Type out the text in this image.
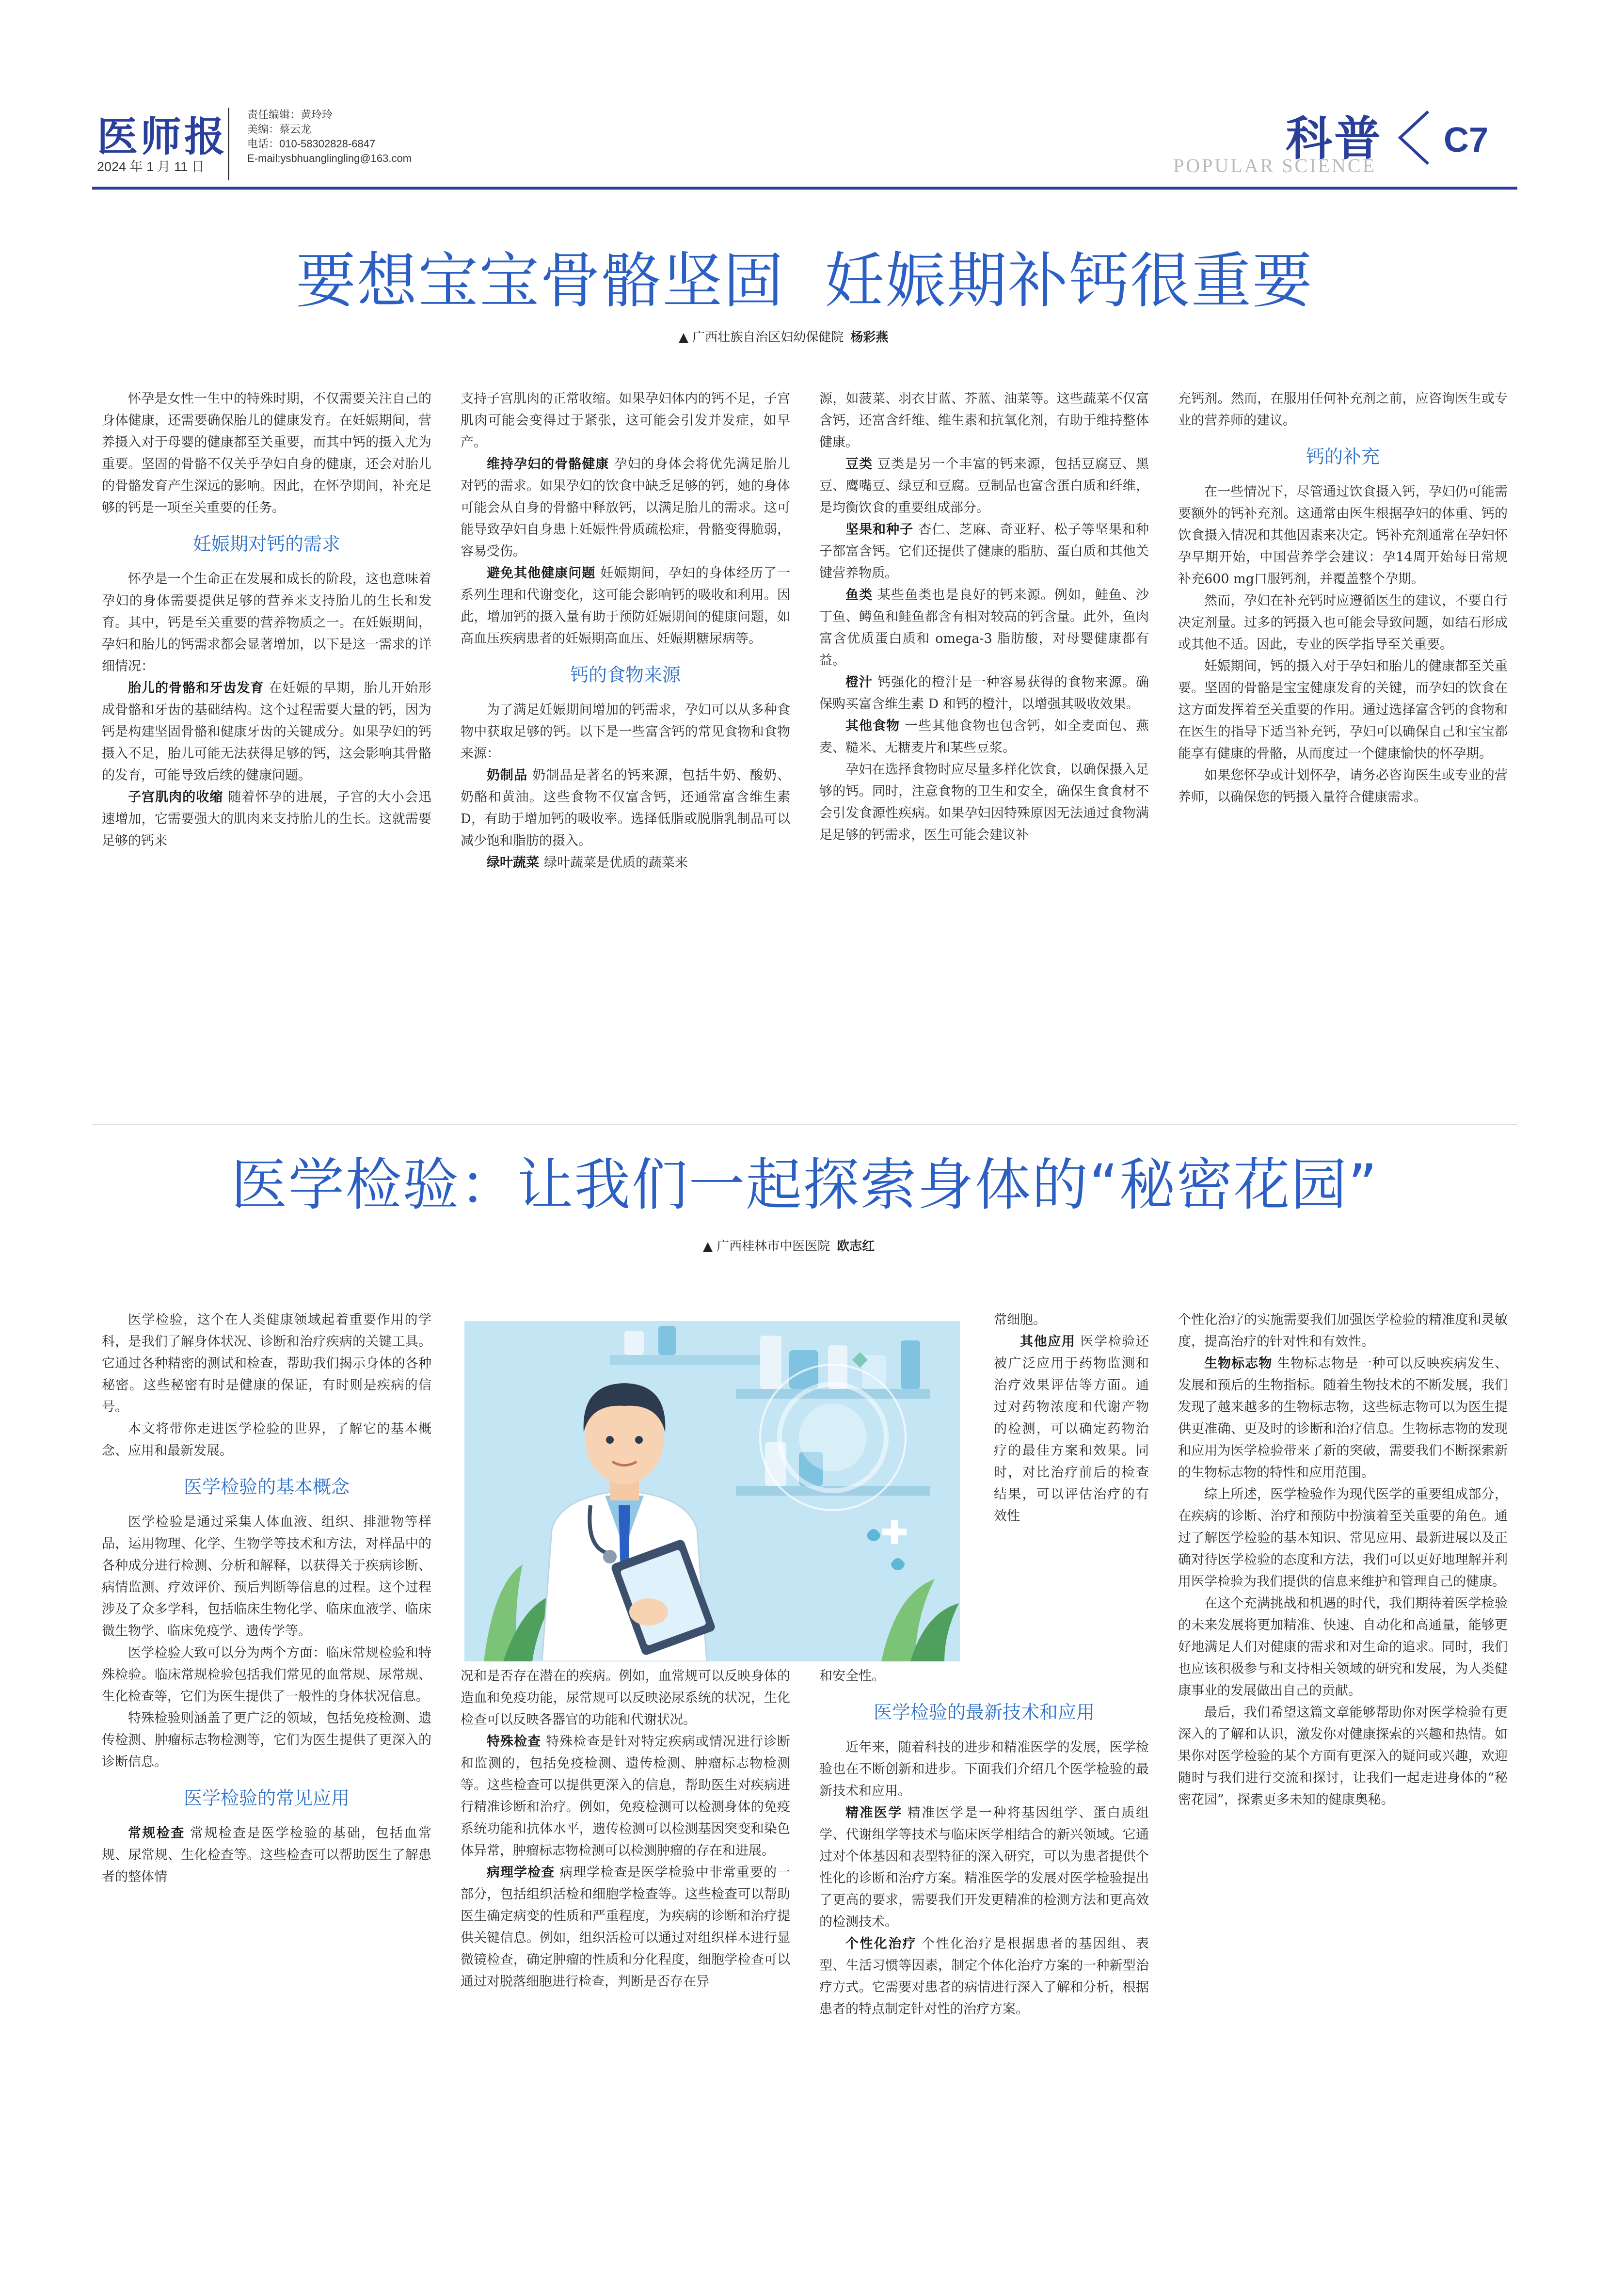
医师报
2024 年 1 月 11 日
责任编辑：黄玲玲
美编：蔡云龙
电话：010-58302828-6847
E-mail:ysbhuanglingling@163.com	科普
POPULAR SCIENCE
C7
要想宝宝骨骼坚固  妊娠期补钙很重要
▲ 广西壮族自治区妇幼保健院 杨彩燕

怀孕是女性一生中的特殊时期，不仅需要关注自己的身体健康，还需要确保胎儿的健康发育。在妊娠期间，营养摄入对于母婴的健康都至关重要，而其中钙的摄入尤为重要。坚固的骨骼不仅关乎孕妇自身的健康，还会对胎儿的骨骼发育产生深远的影响。因此，在怀孕期间，补充足够的钙是一项至关重要的任务。

妊娠期对钙的需求

怀孕是一个生命正在发展和成长的阶段，这也意味着孕妇的身体需要提供足够的营养来支持胎儿的生长和发育。其中，钙是至关重要的营养物质之一。在妊娠期间，孕妇和胎儿的钙需求都会显著增加，以下是这一需求的详细情况：

胎儿的骨骼和牙齿发育 在妊娠的早期，胎儿开始形成骨骼和牙齿的基础结构。这个过程需要大量的钙，因为钙是构建坚固骨骼和健康牙齿的关键成分。如果孕妇的钙摄入不足，胎儿可能无法获得足够的钙，这会影响其骨骼的发育，可能导致后续的健康问题。

子宫肌肉的收缩 随着怀孕的进展，子宫的大小会迅速增加，它需要强大的肌肉来支持胎儿的生长。这就需要足够的钙来

支持子宫肌肉的正常收缩。如果孕妇体内的钙不足，子宫肌肉可能会变得过于紧张，这可能会引发并发症，如早产。

维持孕妇的骨骼健康 孕妇的身体会将优先满足胎儿对钙的需求。如果孕妇的饮食中缺乏足够的钙，她的身体可能会从自身的骨骼中释放钙，以满足胎儿的需求。这可能导致孕妇自身患上妊娠性骨质疏松症，骨骼变得脆弱，容易受伤。

避免其他健康问题 妊娠期间，孕妇的身体经历了一系列生理和代谢变化，这可能会影响钙的吸收和利用。因此，增加钙的摄入量有助于预防妊娠期间的健康问题，如高血压疾病患者的妊娠期高血压、妊娠期糖尿病等。

钙的食物来源

为了满足妊娠期间增加的钙需求，孕妇可以从多种食物中获取足够的钙。以下是一些富含钙的常见食物和食物来源：

奶制品 奶制品是著名的钙来源，包括牛奶、酸奶、奶酪和黄油。这些食物不仅富含钙，还通常富含维生素 D，有助于增加钙的吸收率。选择低脂或脱脂乳制品可以减少饱和脂肪的摄入。

绿叶蔬菜 绿叶蔬菜是优质的蔬菜来

源，如菠菜、羽衣甘蓝、芥蓝、油菜等。这些蔬菜不仅富含钙，还富含纤维、维生素和抗氧化剂，有助于维持整体健康。

豆类 豆类是另一个丰富的钙来源，包括豆腐豆、黑豆、鹰嘴豆、绿豆和豆腐。豆制品也富含蛋白质和纤维，是均衡饮食的重要组成部分。

坚果和种子 杏仁、芝麻、奇亚籽、松子等坚果和种子都富含钙。它们还提供了健康的脂肪、蛋白质和其他关键营养物质。

鱼类 某些鱼类也是良好的钙来源。例如，鲑鱼、沙丁鱼、鳟鱼和鲑鱼都含有相对较高的钙含量。此外，鱼肉富含优质蛋白质和 omega-3 脂肪酸，对母婴健康都有益。

橙汁 钙强化的橙汁是一种容易获得的食物来源。确保购买富含维生素 D 和钙的橙汁，以增强其吸收效果。

其他食物 一些其他食物也包含钙，如全麦面包、燕麦、糙米、无糖麦片和某些豆浆。

孕妇在选择食物时应尽量多样化饮食，以确保摄入足够的钙。同时，注意食物的卫生和安全，确保生食食材不会引发食源性疾病。如果孕妇因特殊原因无法通过食物满足足够的钙需求，医生可能会建议补

充钙剂。然而，在服用任何补充剂之前，应咨询医生或专业的营养师的建议。

钙的补充

在一些情况下，尽管通过饮食摄入钙，孕妇仍可能需要额外的钙补充剂。这通常由医生根据孕妇的体重、钙的饮食摄入情况和其他因素来决定。钙补充剂通常在孕妇怀孕早期开始，中国营养学会建议：孕14周开始每日常规补充600 mg口服钙剂，并覆盖整个孕期。

然而，孕妇在补充钙时应遵循医生的建议，不要自行决定剂量。过多的钙摄入也可能会导致问题，如结石形成或其他不适。因此，专业的医学指导至关重要。

妊娠期间，钙的摄入对于孕妇和胎儿的健康都至关重要。坚固的骨骼是宝宝健康发育的关键，而孕妇的饮食在这方面发挥着至关重要的作用。通过选择富含钙的食物和在医生的指导下适当补充钙，孕妇可以确保自己和宝宝都能享有健康的骨骼，从而度过一个健康愉快的怀孕期。

如果您怀孕或计划怀孕，请务必咨询医生或专业的营养师，以确保您的钙摄入量符合健康需求。

医学检验：让我们一起探索身体的“秘密花园”
▲ 广西桂林市中医医院 欧志红

医学检验，这个在人类健康领域起着重要作用的学科，是我们了解身体状况、诊断和治疗疾病的关键工具。它通过各种精密的测试和检查，帮助我们揭示身体的各种秘密。这些秘密有时是健康的保证，有时则是疾病的信号。

本文将带你走进医学检验的世界，了解它的基本概念、应用和最新发展。

医学检验的基本概念

医学检验是通过采集人体血液、组织、排泄物等样品，运用物理、化学、生物学等技术和方法，对样品中的各种成分进行检测、分析和解释，以获得关于疾病诊断、病情监测、疗效评价、预后判断等信息的过程。这个过程涉及了众多学科，包括临床生物化学、临床血液学、临床微生物学、临床免疫学、遗传学等。

医学检验大致可以分为两个方面：临床常规检验和特殊检验。临床常规检验包括我们常见的血常规、尿常规、生化检查等，它们为医生提供了一般性的身体状况信息。

特殊检验则涵盖了更广泛的领域，包括免疫检测、遗传检测、肿瘤标志物检测等，它们为医生提供了更深入的诊断信息。

医学检验的常见应用

常规检查 常规检查是医学检验的基础，包括血常规、尿常规、生化检查等。这些检查可以帮助医生了解患者的整体情

况和是否存在潜在的疾病。例如，血常规可以反映身体的造血和免疫功能，尿常规可以反映泌尿系统的状况，生化检查可以反映各器官的功能和代谢状况。

特殊检查 特殊检查是针对特定疾病或情况进行诊断和监测的，包括免疫检测、遗传检测、肿瘤标志物检测等。这些检查可以提供更深入的信息，帮助医生对疾病进行精准诊断和治疗。例如，免疫检测可以检测身体的免疫系统功能和抗体水平，遗传检测可以检测基因突变和染色体异常，肿瘤标志物检测可以检测肿瘤的存在和进展。

病理学检查 病理学检查是医学检验中非常重要的一部分，包括组织活检和细胞学检查等。这些检查可以帮助医生确定病变的性质和严重程度，为疾病的诊断和治疗提供关键信息。例如，组织活检可以通过对组织样本进行显微镜检查，确定肿瘤的性质和分化程度，细胞学检查可以通过对脱落细胞进行检查，判断是否存在异

常细胞。

其他应用 医学检验还被广泛应用于药物监测和治疗效果评估等方面。通过对药物浓度和代谢产物的检测，可以确定药物治疗的最佳方案和效果。同时，对比治疗前后的检查结果，可以评估治疗的有效性

和安全性。

医学检验的最新技术和应用

近年来，随着科技的进步和精准医学的发展，医学检验也在不断创新和进步。下面我们介绍几个医学检验的最新技术和应用。

精准医学 精准医学是一种将基因组学、蛋白质组学、代谢组学等技术与临床医学相结合的新兴领域。它通过对个体基因和表型特征的深入研究，可以为患者提供个性化的诊断和治疗方案。精准医学的发展对医学检验提出了更高的要求，需要我们开发更精准的检测方法和更高效的检测技术。

个性化治疗 个性化治疗是根据患者的基因组、表型、生活习惯等因素，制定个体化治疗方案的一种新型治疗方式。它需要对患者的病情进行深入了解和分析，根据患者的特点制定针对性的治疗方案。

个性化治疗的实施需要我们加强医学检验的精准度和灵敏度，提高治疗的针对性和有效性。

生物标志物 生物标志物是一种可以反映疾病发生、发展和预后的生物指标。随着生物技术的不断发展，我们发现了越来越多的生物标志物，这些标志物可以为医生提供更准确、更及时的诊断和治疗信息。生物标志物的发现和应用为医学检验带来了新的突破，需要我们不断探索新的生物标志物的特性和应用范围。

综上所述，医学检验作为现代医学的重要组成部分，在疾病的诊断、治疗和预防中扮演着至关重要的角色。通过了解医学检验的基本知识、常见应用、最新进展以及正确对待医学检验的态度和方法，我们可以更好地理解并利用医学检验为我们提供的信息来维护和管理自己的健康。

在这个充满挑战和机遇的时代，我们期待着医学检验的未来发展将更加精准、快速、自动化和高通量，能够更好地满足人们对健康的需求和对生命的追求。同时，我们也应该积极参与和支持相关领域的研究和发展，为人类健康事业的发展做出自己的贡献。

最后，我们希望这篇文章能够帮助你对医学检验有更深入的了解和认识，激发你对健康探索的兴趣和热情。如果你对医学检验的某个方面有更深入的疑问或兴趣，欢迎随时与我们进行交流和探讨，让我们一起走进身体的“秘密花园”，探索更多未知的健康奥秘。
